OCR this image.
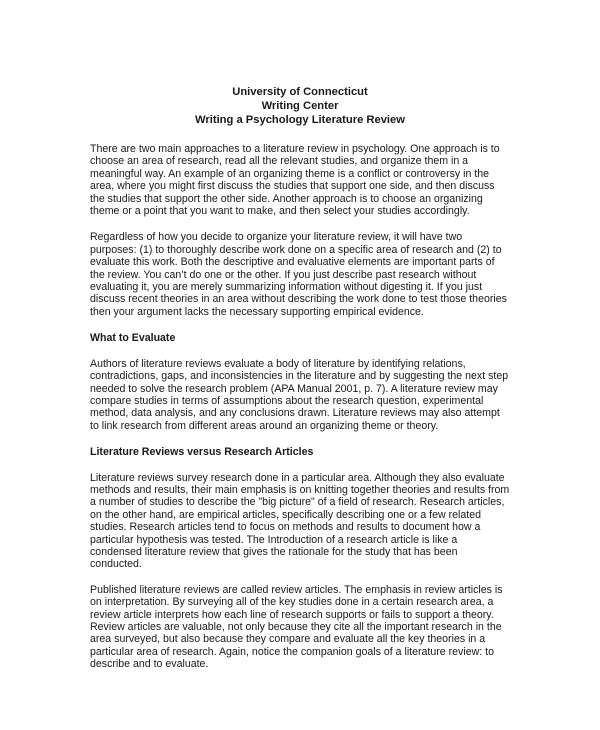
University of Connecticut
Writing Center
Writing a Psychology Literature Review

There are two main approaches to a literature review in psychology. One approach is to choose an area of research, read all the relevant studies, and organize them in a meaningful way. An example of an organizing theme is a conflict or controversy in the area, where you might first discuss the studies that support one side, and then discuss the studies that support the other side. Another approach is to choose an organizing theme or a point that you want to make, and then select your studies accordingly.

Regardless of how you decide to organize your literature review, it will have two purposes: (1) to thoroughly describe work done on a specific area of research and (2) to evaluate this work. Both the descriptive and evaluative elements are important parts of the review. You can’t do one or the other. If you just describe past research without evaluating it, you are merely summarizing information without digesting it. If you just discuss recent theories in an area without describing the work done to test those theories then your argument lacks the necessary supporting empirical evidence.

What to Evaluate

Authors of literature reviews evaluate a body of literature by identifying relations, contradictions, gaps, and inconsistencies in the literature and by suggesting the next step needed to solve the research problem (APA Manual 2001, p. 7). A literature review may compare studies in terms of assumptions about the research question, experimental method, data analysis, and any conclusions drawn. Literature reviews may also attempt to link research from different areas around an organizing theme or theory.

Literature Reviews versus Research Articles

Literature reviews survey research done in a particular area. Although they also evaluate methods and results, their main emphasis is on knitting together theories and results from a number of studies to describe the "big picture" of a field of research. Research articles, on the other hand, are empirical articles, specifically describing one or a few related studies. Research articles tend to focus on methods and results to document how a particular hypothesis was tested. The Introduction of a research article is like a condensed literature review that gives the rationale for the study that has been conducted.

Published literature reviews are called review articles. The emphasis in review articles is on interpretation. By surveying all of the key studies done in a certain research area, a review article interprets how each line of research supports or fails to support a theory. Review articles are valuable, not only because they cite all the important research in the area surveyed, but also because they compare and evaluate all the key theories in a particular area of research. Again, notice the companion goals of a literature review: to describe and to evaluate.
